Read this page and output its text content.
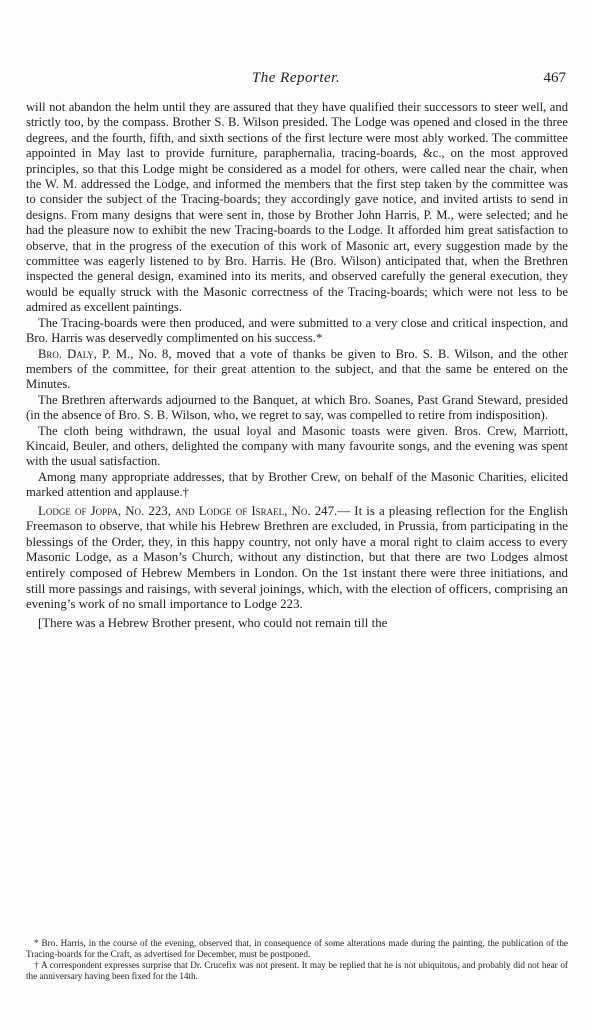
The Reporter.	467

will not abandon the helm until they are assured that they have qualified their successors to steer well, and strictly too, by the compass. Brother S. B. Wilson presided. The Lodge was opened and closed in the three degrees, and the fourth, fifth, and sixth sections of the first lecture were most ably worked. The committee appointed in May last to provide furniture, paraphernalia, tracing-boards, &c., on the most approved principles, so that this Lodge might be considered as a model for others, were called near the chair, when the W. M. addressed the Lodge, and informed the members that the first step taken by the committee was to consider the subject of the Tracing-boards; they accordingly gave notice, and invited artists to send in designs. From many designs that were sent in, those by Brother John Harris, P. M., were selected; and he had the pleasure now to exhibit the new Tracing-boards to the Lodge. It afforded him great satisfaction to observe, that in the progress of the execution of this work of Masonic art, every suggestion made by the committee was eagerly listened to by Bro. Harris. He (Bro. Wilson) anticipated that, when the Brethren inspected the general design, examined into its merits, and observed carefully the general execution, they would be equally struck with the Masonic correctness of the Tracing-boards; which were not less to be admired as excellent paintings.

The Tracing-boards were then produced, and were submitted to a very close and critical inspection, and Bro. Harris was deservedly complimented on his success.*

Bro. Daly, P. M., No. 8, moved that a vote of thanks be given to Bro. S. B. Wilson, and the other members of the committee, for their great attention to the subject, and that the same be entered on the Minutes.

The Brethren afterwards adjourned to the Banquet, at which Bro. Soanes, Past Grand Steward, presided (in the absence of Bro. S. B. Wilson, who, we regret to say, was compelled to retire from indisposition).

The cloth being withdrawn, the usual loyal and Masonic toasts were given. Bros. Crew, Marriott, Kincaid, Beuler, and others, delighted the company with many favourite songs, and the evening was spent with the usual satisfaction.

Among many appropriate addresses, that by Brother Crew, on behalf of the Masonic Charities, elicited marked attention and applause.†

Lodge of Joppa, No. 223, and Lodge of Israel, No. 247.— It is a pleasing reflection for the English Freemason to observe, that while his Hebrew Brethren are excluded, in Prussia, from participating in the blessings of the Order, they, in this happy country, not only have a moral right to claim access to every Masonic Lodge, as a Mason’s Church, without any distinction, but that there are two Lodges almost entirely composed of Hebrew Members in London. On the 1st instant there were three initiations, and still more passings and raisings, with several joinings, which, with the election of officers, comprising an evening’s work of no small importance to Lodge 223.

[There was a Hebrew Brother present, who could not remain till the

* Bro. Harris, in the course of the evening, observed that, in consequence of some alterations made during the painting, the publication of the Tracing-boards for the Craft, as advertised for December, must be postponed.

† A correspondent expresses surprise that Dr. Crucefix was not present. It may be replied that he is not ubiquitous, and probably did not hear of the anniversary having been fixed for the 14th.
